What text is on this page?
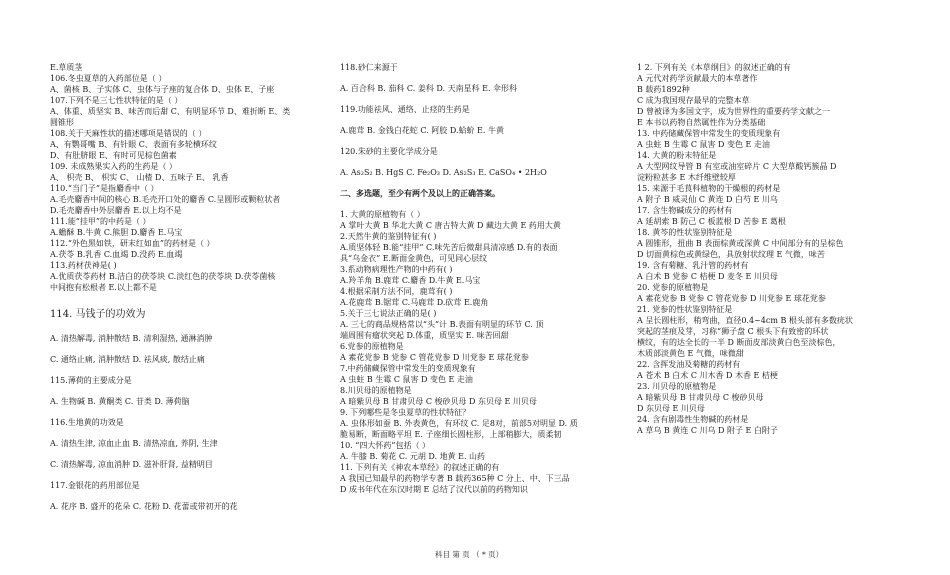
E.草质茎
106.冬虫夏草的入药部位是（ ）
A、菌核 B、子实体 C、虫体与子座的复合体 D、虫体 E、子座
107.下列不是三七性状特征的是（ ）
A、体重、质坚实 B、味苦而后甜 C、有明显环节 D、难折断 E、类
圆锥形
108.关于天麻性状的描述哪项是错误的（ ）
A、有鹦哥嘴 B、有针眼 C、表面有多轮横环纹
D、有肚脐眼 E、有时可见棕色菌素
109. 未成熟果实入药的生药是（ ）
A、 枳壳 B、 枳实 C、 山楂 D、五味子 E、 乳香
110.“当门子”是指麝香中（ ）
A.毛壳麝香中间的核心 B.毛壳开口处的麝香 C.呈圆形或颗粒状者
D.毛壳麝香中外层麝香 E.以上均不是
111.能“挂甲”的中药是（ ）
A.蟾酥 B.牛黄 C.熊胆 D.麝香 E.马宝
112.“外色黑如铁，研末红如血”的药材是（ ）
A.茯苓 B.乳香 C.血竭 D.没药 E.血竭
113.药材茯神是( )
A.优质茯苓药材 B.洁白的茯苓块 C.淡红色的茯苓块 D.茯苓菌核
中间抱有松根者 E.以上都不是
114. 马钱子的功效为
A. 清热解毒, 消肿散结 B. 清利湿热, 通淋消肿
C. 通络止痛, 消肿散结 D. 祛风痰, 散结止痛
115.薄荷的主要成分是
A. 生物碱 B. 黄酮类 C. 苷类 D. 薄荷脑
116.生地黄的功效是
A. 清热生津, 凉血止血 B. 清热凉血, 养阴, 生津
C. 清热解毒, 凉血消肿 D. 滋补肝肾, 益精明目
117.金银花的药用部位是
A. 花序 B. 盛开的花朵 C. 花粉 D. 花蕾或带初开的花
118.砂仁来源于
A. 百合科 B. 茄科 C. 姜科 D. 天南星科 E. 伞形科
119.功能祛风、通络、止痉的生药是
A.鹿茸 B. 金钱白花蛇 C. 阿胶 D.蛤蚧 E. 牛黄
120.朱砂的主要化学成分是
A. As₂S₂ B. HgS C. Fe₂O₃ D. As₂S₃ E. CaSO₄ • 2H₂O
二、多选题，至少有两个及以上的正确答案。
1. 大黄的原植物有（ ）
A 掌叶大黄 B 华北大黄 C 唐古特大黄 D 藏边大黄 E 药用大黄
2.天然牛黄的鉴别特征有( )
A.质坚体轻 B.能“挂甲” C.味先苦后微甜具清凉感 D.有的表面
具“乌金衣” E.断面金黄色，可见同心层纹
3.系动物病理性产物的中药有( )
A.羚羊角 B.鹿茸 C.麝香 D.牛黄 E.马宝
4.根据采制方法不同，鹿茸有( )
A.花鹿茸 B.锯茸 C.马鹿茸 D.砍茸 E.鹿角
5.关于三七说法正确的是( )
A. 三七的商品规格常以“头”计 B.表面有明显的环节 C. 顶
端周围有瘤状突起 D.体重，质坚实 E. 味苦回甜
6.党参的原植物是
A 素花党参 B 党参 C 管花党参 D 川党参 E 球花党参
7.中药储藏保管中常发生的变质现象有
A 虫蛀 B 生霉 C 鼠害 D 变色 E 走油
8.川贝母的原植物是
A 暗紫贝母 B 甘肃贝母 C 梭砂贝母 D 东贝母 E 川贝母
9. 下列哪些是冬虫夏草的性状特征？
A. 虫体形如蚕 B. 外表黄色，有环纹 C. 足8对，前部5对明显 D. 质
脆易断，断面略平坦 E. 子座细长圆柱形，上部稍膨大，质柔韧
10. “四大怀药”包括（ ）
A. 牛膝 B. 菊花 C. 元胡 D. 地黄 E. 山药
11. 下列有关《神农本草经》的叙述正确的有
A 我国已知最早的药物学专著 B 载药365种 C 分上、中、下三品
D 成书年代在东汉时期 E 总结了汉代以前的药物知识
1 2. 下列有关《本草纲目》的叙述正确的有
A 元代对药学贡献最大的本草著作
B 载药1892种
C 成为我国现存最早的完整本草
D 曾被译为多国文字，成为世界性的重要药学文献之一
E 本书以药物自然属性作为分类基础
13. 中药储藏保管中常发生的变质现象有
A 虫蛀 B 生霉 C 鼠害 D 变色 E 走油
14. 大黄的粉末特征是
A 大型网纹导管 B 有室或油室碎片 C 大型草酸钙簇晶 D
淀粉粒甚多 E 木纤维壁较厚
15. 来源于毛茛科植物的干燥根的药材是
A 附子 B 威灵仙 C 黄连 D 白芍 E 川乌
17. 含生物碱成分的药材有
A 延胡索 B 防己 C 板蓝根 D 苦参 E 葛根
18. 黄芩的性状鉴别特征是
A 圆锥形，扭曲 B 表面棕黄或深黄 C 中间部分有的呈棕色
D 切面黄棕色或黄绿色，具放射状纹理 E 气微，味苦
19. 含有菊糖、乳汁管的药材有
A 白术 B 党参 C 桔梗 D 麦冬 E 川贝母
20. 党参的原植物是
A 素花党参 B 党参 C 管花党参 D 川党参 E 球花党参
21. 党参的性状鉴别特征是
A 呈长圆柱形，稍弯曲，直径0.4~4cm B 根头部有多数疣状
突起的茎痕及芽，习称“狮子盘 C 根头下有致密的环状
横纹，有的达全长的一半 D 断面皮部淡黄白色至淡棕色，
木质部淡黄色 E 气微，味微甜
22. 含挥发油及菊糖的药材有
A 苍术 B 白术 C 川木香 D 木香 E 桔梗
23. 川贝母的原植物是
A 暗紫贝母 B 甘肃贝母 C 梭砂贝母
D 东贝母 E 川贝母
24. 含有剧毒性生物碱的药材是
A 草乌 B 黄连 C 川乌 D 附子 E 白附子
科目 第 页 （ * 页）
